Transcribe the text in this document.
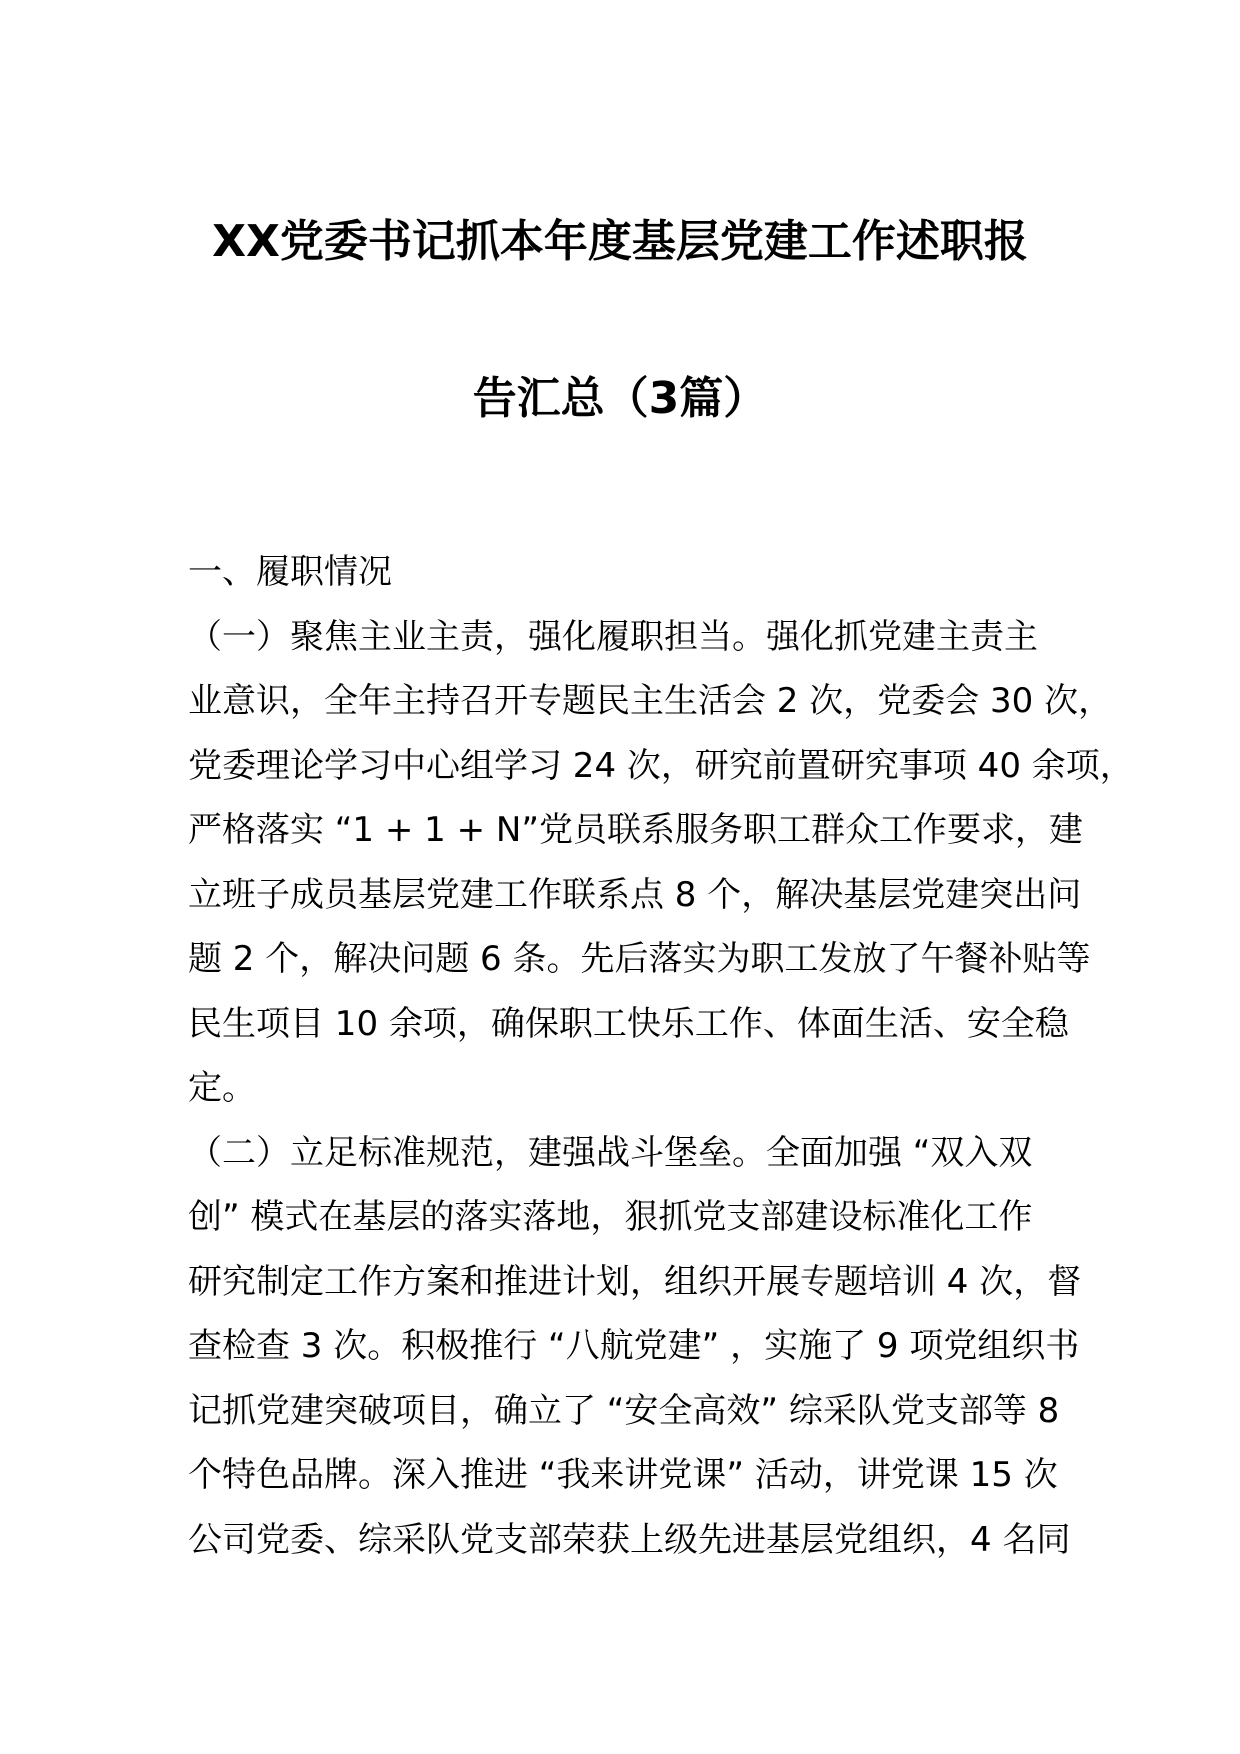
XX党委书记抓本年度基层党建工作述职报
告汇总（3篇）
一、履职情况
（一）聚焦主业主责，强化履职担当。强化抓党建主责主
业意识，全年主持召开专题民主生活会 2 次，党委会 30 次，
党委理论学习中心组学习 24 次，研究前置研究事项 40 余项，
严格落实 “1 + 1 + N”党员联系服务职工群众工作要求，建
立班子成员基层党建工作联系点 8 个，解决基层党建突出问
题 2 个，解决问题 6 条。先后落实为职工发放了午餐补贴等
民生项目 10 余项，确保职工快乐工作、体面生活、安全稳
定。
（二）立足标准规范，建强战斗堡垒。全面加强 “双入双
创” 模式在基层的落实落地，狠抓党支部建设标准化工作
研究制定工作方案和推进计划，组织开展专题培训 4 次，督
查检查 3 次。积极推行 “八航党建” ，实施了 9 项党组织书
记抓党建突破项目，确立了 “安全高效” 综采队党支部等 8
个特色品牌。深入推进 “我来讲党课” 活动，讲党课 15 次
公司党委、综采队党支部荣获上级先进基层党组织，4 名同
